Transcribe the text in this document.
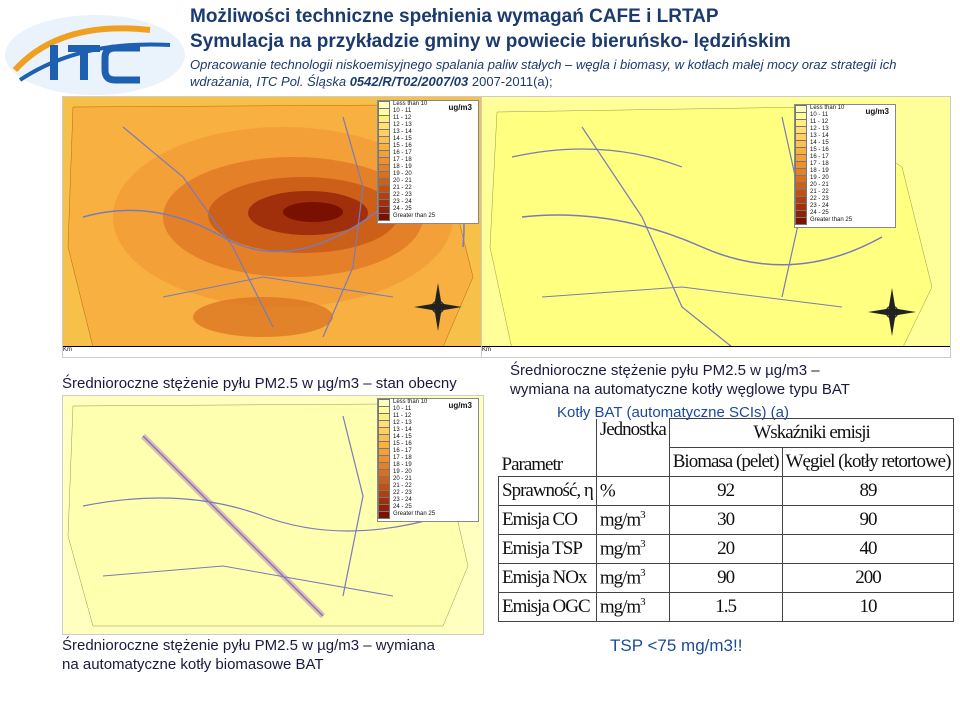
Możliwości techniczne spełnienia wymagań CAFE i LRTAP
Symulacja na przykładzie gminy w powiecie bieruńsko- lędzińskim
Opracowanie technologii niskoemisyjnego spalania paliw stałych – węgla i biomasy, w kotłach małej mocy oraz strategii ich wdrażania, ITC Pol. Śląska 0542/R/T02/2007/03 2007-2011(a);
Km
ug/m3
Less than 10
10 - 11
11 - 12
12 - 13
13 - 14
14 - 15
15 - 16
16 - 17
17 - 18
18 - 19
19 - 20
20 - 21
21 - 22
22 - 23
23 - 24
24 - 25
Greater than 25
Km
ug/m3
Less than 10
10 - 11
11 - 12
12 - 13
13 - 14
14 - 15
15 - 16
16 - 17
17 - 18
18 - 19
19 - 20
20 - 21
21 - 22
22 - 23
23 - 24
24 - 25
Greater than 25
Średnioroczne stężenie pyłu PM2.5 w µg/m3 – stan obecny
Średnioroczne stężenie pyłu PM2.5 w µg/m3 –
wymiana na automatyczne kotły węglowe typu BAT
ug/m3
Less than 10
10 - 11
11 - 12
12 - 13
13 - 14
14 - 15
15 - 16
16 - 17
17 - 18
18 - 19
19 - 20
20 - 21
21 - 22
22 - 23
23 - 24
24 - 25
Greater than 25
Średnioroczne stężenie pyłu PM2.5 w µg/m3 – wymiana
na automatyczne kotły biomasowe BAT
Kotły BAT (automatyczne SCIs) (a)
Parametr	Jednostka	Wskaźniki emisji	
		Biomasa (pelet)	Węgiel (kotły retortowe)
Sprawność, η	%	92	89
Emisja CO	$mg/m^3$	30	90
Emisja TSP	$mg/m^3$	20	40
Emisja NOx	$mg/m^3$	90	200
Emisja OGC	$mg/m^3$	1.5	10
TSP <75 mg/m3!!
